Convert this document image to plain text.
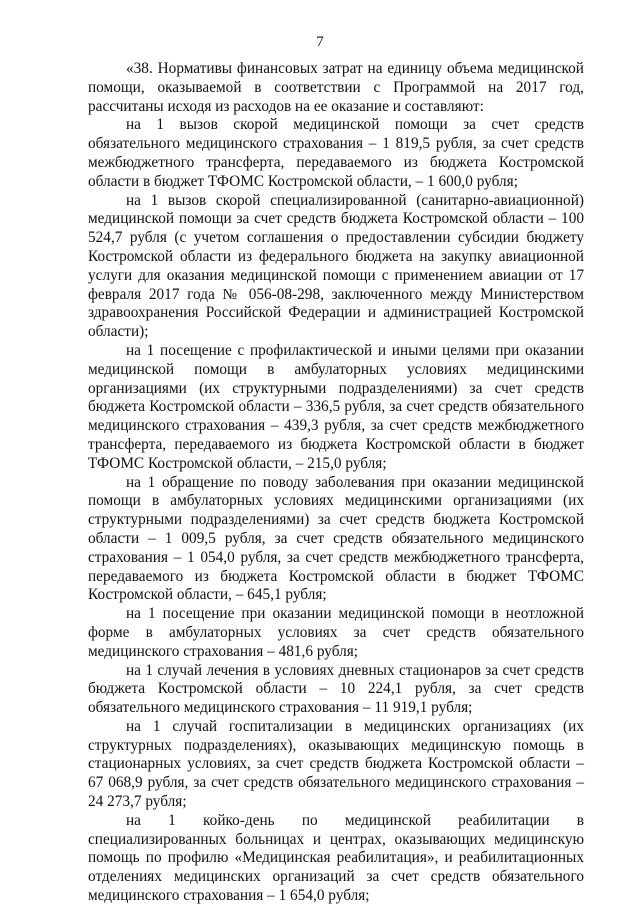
7

«38. Нормативы финансовых затрат на единицу объема медицинской помощи, оказываемой в соответствии с Программой на 2017 год, рассчитаны исходя из расходов на ее оказание и составляют:

на 1 вызов скорой медицинской помощи за счет средств обязательного медицинского страхования – 1 819,5 рубля, за счет средств межбюджетного трансферта, передаваемого из бюджета Костромской области в бюджет ТФОМС Костромской области, – 1 600,0 рубля;

на 1 вызов скорой специализированной (санитарно-авиационной) медицинской помощи за счет средств бюджета Костромской области – 100 524,7 рубля (с учетом соглашения о предоставлении субсидии бюджету Костромской области из федерального бюджета на закупку авиационной услуги для оказания медицинской помощи с применением авиации от 17 февраля 2017 года № 056-08-298, заключенного между Министерством здравоохранения Российской Федерации и администрацией Костромской области);

на 1 посещение с профилактической и иными целями при оказании медицинской помощи в амбулаторных условиях медицинскими организациями (их структурными подразделениями) за счет средств бюджета Костромской области – 336,5 рубля, за счет средств обязательного медицинского страхования – 439,3 рубля, за счет средств межбюджетного трансферта, передаваемого из бюджета Костромской области в бюджет ТФОМС Костромской области, – 215,0 рубля;

на 1 обращение по поводу заболевания при оказании медицинской помощи в амбулаторных условиях медицинскими организациями (их структурными подразделениями) за счет средств бюджета Костромской области – 1 009,5 рубля, за счет средств обязательного медицинского страхования – 1 054,0 рубля, за счет средств межбюджетного трансферта, передаваемого из бюджета Костромской области в бюджет ТФОМС Костромской области, – 645,1 рубля;

на 1 посещение при оказании медицинской помощи в неотложной форме в амбулаторных условиях за счет средств обязательного медицинского страхования – 481,6 рубля;

на 1 случай лечения в условиях дневных стационаров за счет средств бюджета Костромской области – 10 224,1 рубля, за счет средств обязательного медицинского страхования – 11 919,1 рубля;

на 1 случай госпитализации в медицинских организациях (их структурных подразделениях), оказывающих медицинскую помощь в стационарных условиях, за счет средств бюджета Костромской области – 67 068,9 рубля, за счет средств обязательного медицинского страхования – 24 273,7 рубля;

на 1 койко-день по медицинской реабилитации в специализированных больницах и центрах, оказывающих медицинскую помощь по профилю «Медицинская реабилитация», и реабилитационных отделениях медицинских организаций за счет средств обязательного медицинского страхования – 1 654,0 рубля;
